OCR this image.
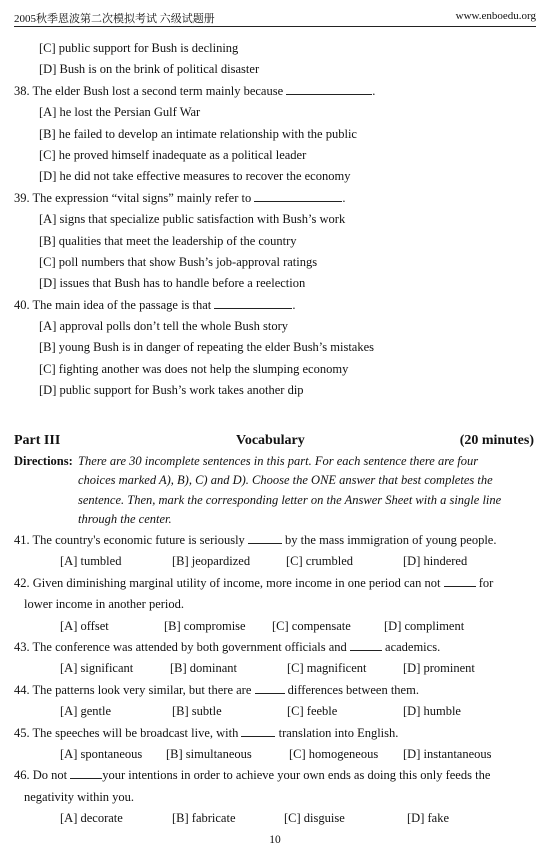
2005秋季恩波第二次模拟考试 六级试题册	www.enboedu.org
[C] public support for Bush is declining
[D] Bush is on the brink of political disaster
38. The elder Bush lost a second term mainly because	.
[A] he lost the Persian Gulf War
[B] he failed to develop an intimate relationship with the public
[C] he proved himself inadequate as a political leader
[D] he did not take effective measures to recover the economy
39. The expression “vital signs” mainly refer to	.
[A] signs that specialize public satisfaction with Bush’s work
[B] qualities that meet the leadership of the country
[C] poll numbers that show Bush’s job-approval ratings
[D] issues that Bush has to handle before a reelection
40. The main idea of the passage is that	.
[A] approval polls don’t tell the whole Bush story
[B] young Bush is in danger of repeating the elder Bush’s mistakes
[C] fighting another was does not help the slumping economy
[D] public support for Bush’s work takes another dip
Part III	Vocabulary	(20 minutes)
Directions: There are 30 incomplete sentences in this part. For each sentence there are four
choices marked A), B), C) and D). Choose the ONE answer that best completes the
sentence. Then, mark the corresponding letter on the Answer Sheet with a single line
through the center.
41. The country's economic future is seriously	by the mass immigration of young people.
[A] tumbled	[B] jeopardized	[C] crumbled	[D] hindered
42. Given diminishing marginal utility of income, more income in one period can not	for
lower income in another period.
[A] offset	[B] compromise [C] compensate	[D] compliment
43. The conference was attended by both government officials and	academics.
[A] significant	[B] dominant	[C] magnificent	[D] prominent
44. The patterns look very similar, but there are	differences between them.
[A] gentle	[B] subtle	[C] feeble	[D] humble
45. The speeches will be broadcast live, with	translation into English.
[A] spontaneous [B] simultaneous	[C] homogeneous [D] instantaneous
46. Do not	your intentions in order to achieve your own ends as doing this only feeds the
negativity within you.
[A] decorate	[B] fabricate	[C] disguise	[D] fake
10
